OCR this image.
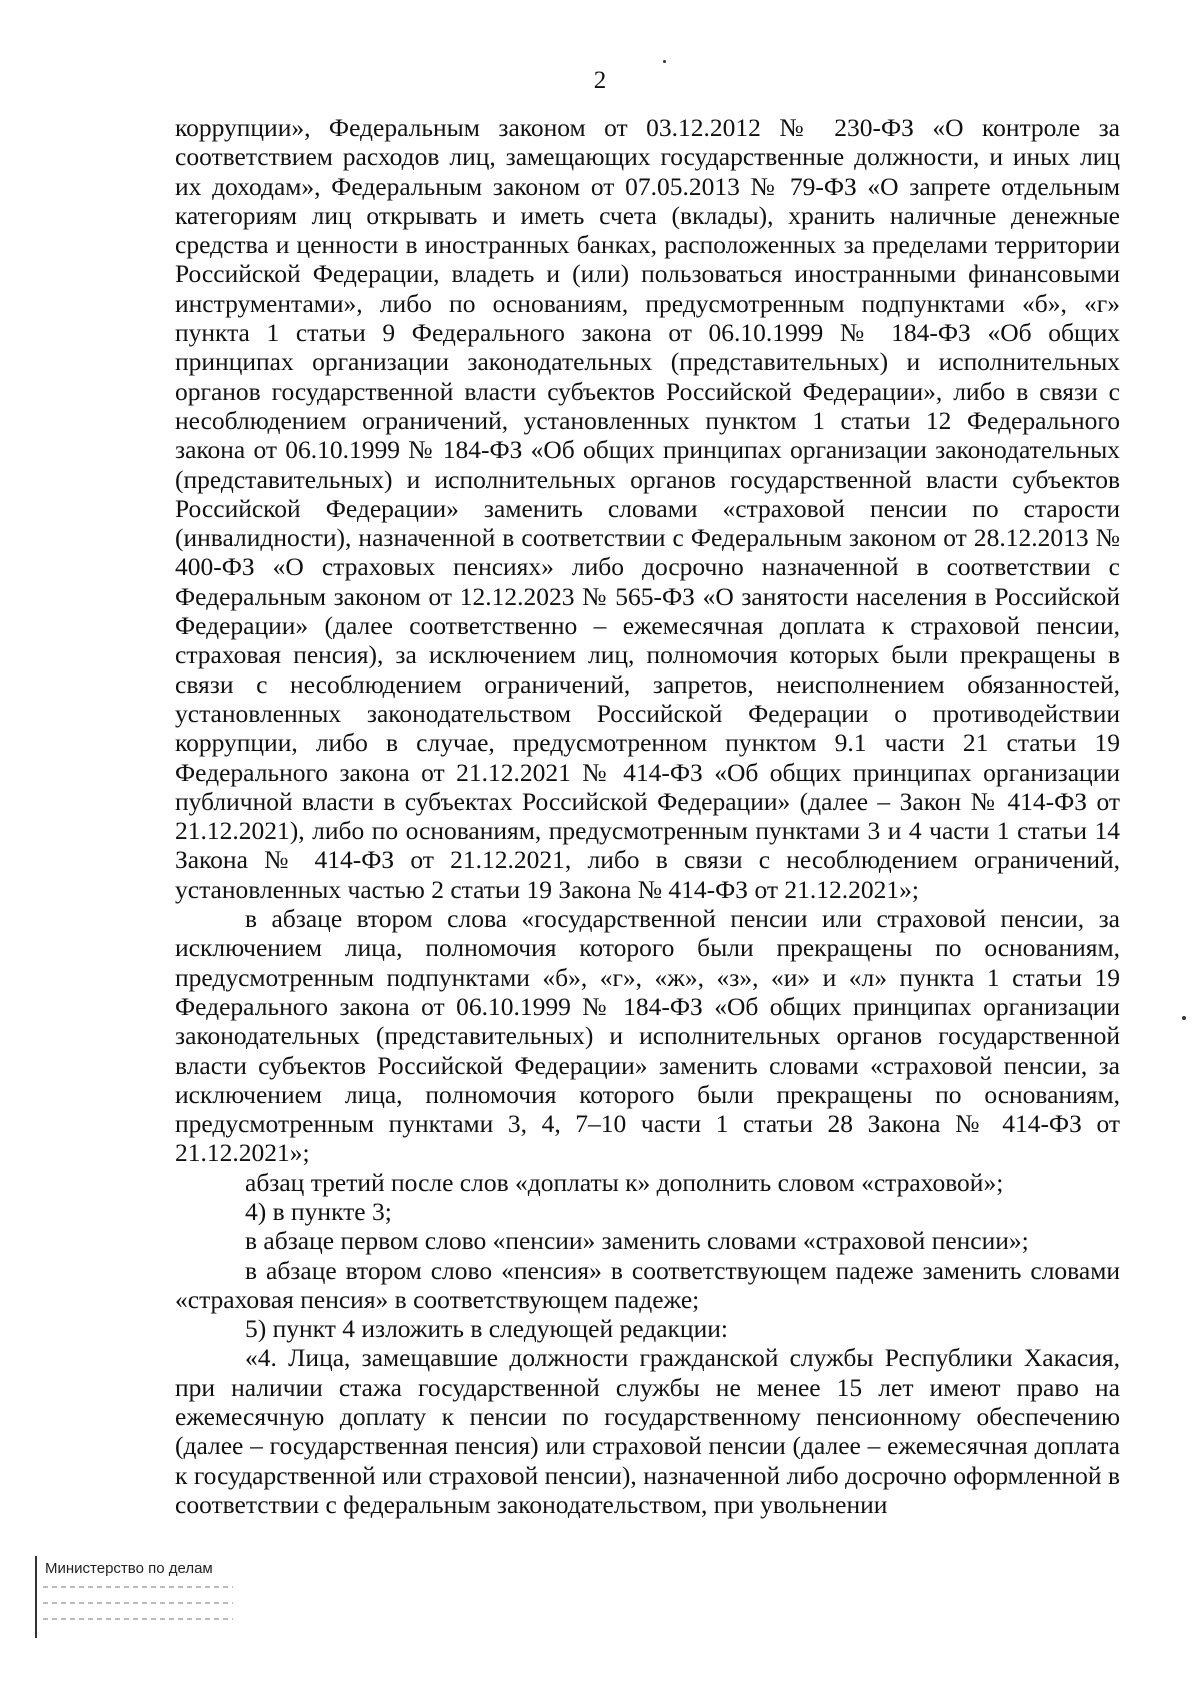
2

коррупции», Федеральным законом от 03.12.2012 № 230-ФЗ «О контроле за соответствием расходов лиц, замещающих государственные должности, и иных лиц их доходам», Федеральным законом от 07.05.2013 № 79-ФЗ «О запрете отдельным категориям лиц открывать и иметь счета (вклады), хранить наличные денежные средства и ценности в иностранных банках, расположенных за пределами территории Российской Федерации, владеть и (или) пользоваться иностранными финансовыми инструментами», либо по основаниям, предусмотренным подпунктами «б», «г» пункта 1 статьи 9 Федерального закона от 06.10.1999 № 184-ФЗ «Об общих принципах организации законодательных (представительных) и исполнительных органов государственной власти субъектов Российской Федерации», либо в связи с несоблюдением ограничений, установленных пунктом 1 статьи 12 Федерального закона от 06.10.1999 № 184-ФЗ «Об общих принципах организации законодательных (представительных) и исполнительных органов государственной власти субъектов Российской Федерации» заменить словами «страховой пенсии по старости (инвалидности), назначенной в соответствии с Федеральным законом от 28.12.2013 № 400-ФЗ «О страховых пенсиях» либо досрочно назначенной в соответствии с Федеральным законом от 12.12.2023 № 565-ФЗ «О занятости населения в Российской Федерации» (далее соответственно – ежемесячная доплата к страховой пенсии, страховая пенсия), за исключением лиц, полномочия которых были прекращены в связи с несоблюдением ограничений, запретов, неисполнением обязанностей, установленных законодательством Российской Федерации о противодействии коррупции, либо в случае, предусмотренном пунктом 9.1 части 21 статьи 19 Федерального закона от 21.12.2021 № 414-ФЗ «Об общих принципах организации публичной власти в субъектах Российской Федерации» (далее – Закон № 414-ФЗ от 21.12.2021), либо по основаниям, предусмотренным пунктами 3 и 4 части 1 статьи 14 Закона № 414-ФЗ от 21.12.2021, либо в связи с несоблюдением ограничений, установленных частью 2 статьи 19 Закона № 414-ФЗ от 21.12.2021»;

в абзаце втором слова «государственной пенсии или страховой пенсии, за исключением лица, полномочия которого были прекращены по основаниям, предусмотренным подпунктами «б», «г», «ж», «з», «и» и «л» пункта 1 статьи 19 Федерального закона от 06.10.1999 № 184-ФЗ «Об общих принципах организации законодательных (представительных) и исполнительных органов государственной власти субъектов Российской Федерации» заменить словами «страховой пенсии, за исключением лица, полномочия которого были прекращены по основаниям, предусмотренным пунктами 3, 4, 7–10 части 1 статьи 28 Закона № 414-ФЗ от 21.12.2021»;

абзац третий после слов «доплаты к» дополнить словом «страховой»;

4) в пункте 3;

в абзаце первом слово «пенсии» заменить словами «страховой пенсии»;

в абзаце втором слово «пенсия» в соответствующем падеже заменить словами «страховая пенсия» в соответствующем падеже;

5) пункт 4 изложить в следующей редакции:

«4. Лица, замещавшие должности гражданской службы Республики Хакасия, при наличии стажа государственной службы не менее 15 лет имеют право на ежемесячную доплату к пенсии по государственному пенсионному обеспечению (далее – государственная пенсия) или страховой пенсии (далее – ежемесячная доплата к государственной или страховой пенсии), назначенной либо досрочно оформленной в соответствии с федеральным законодательством, при увольнении

Министерство по делам
